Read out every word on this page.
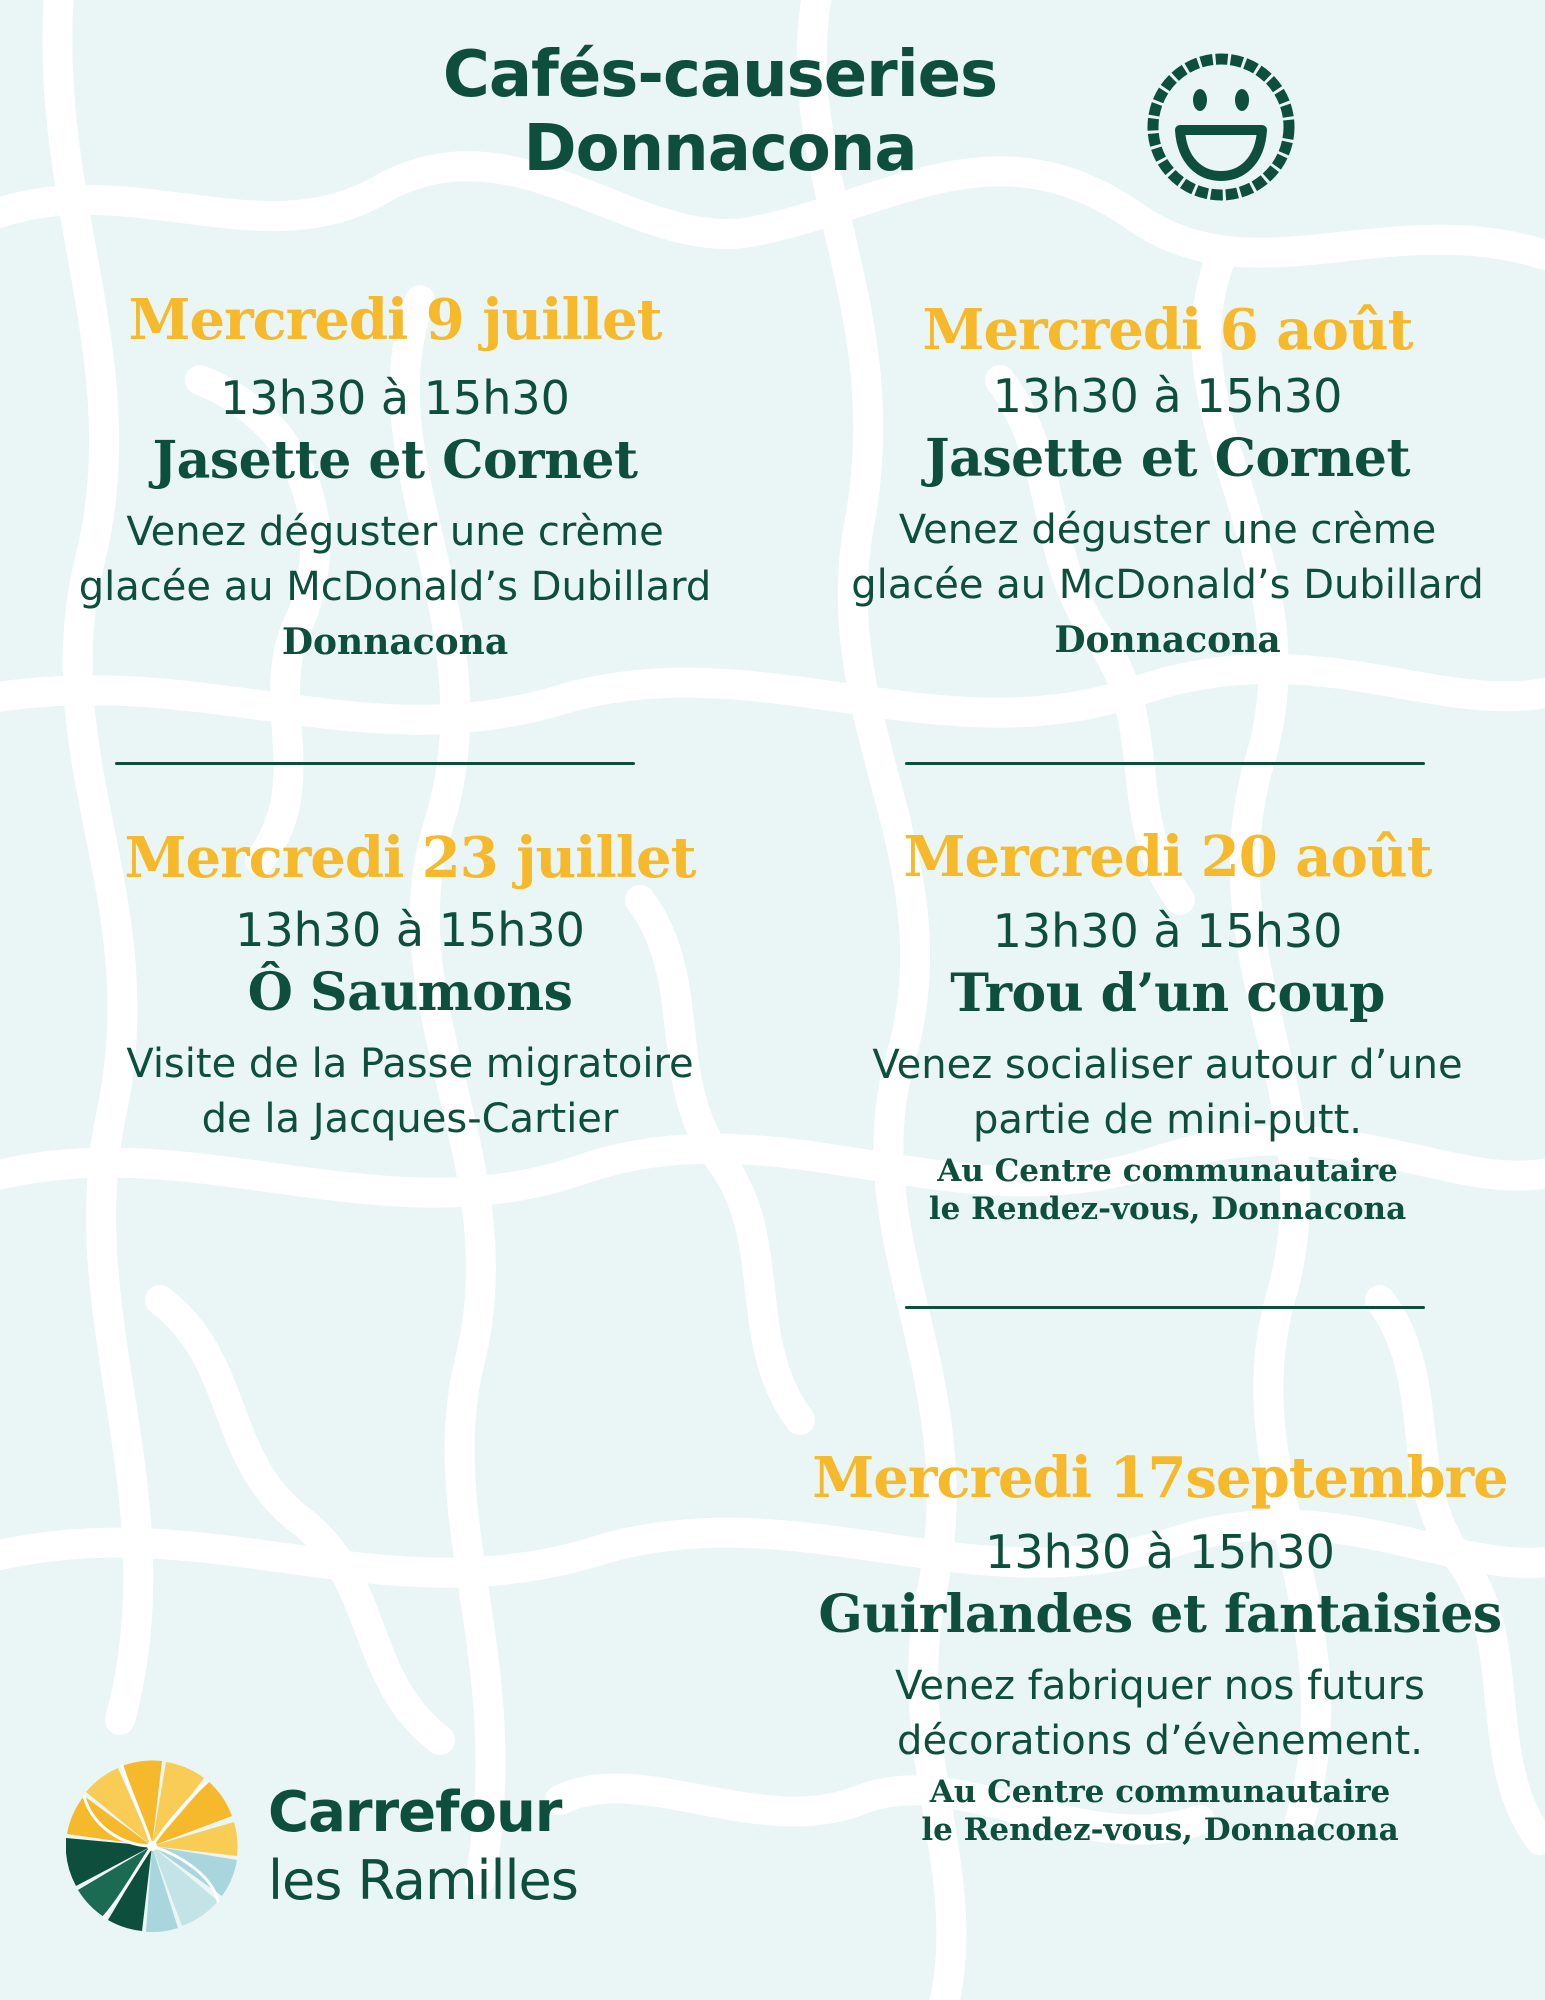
Cafés-causeries
Donnacona
Mercredi 9 juillet
13h30 à 15h30
Jasette et Cornet
Venez déguster une crème
glacée au McDonald’s Dubillard
Donnacona
Mercredi 6 août
13h30 à 15h30
Jasette et Cornet
Venez déguster une crème
glacée au McDonald’s Dubillard
Donnacona
Mercredi 23 juillet
13h30 à 15h30
Ô Saumons
Visite de la Passe migratoire
de la Jacques-Cartier
Mercredi 20 août
13h30 à 15h30
Trou d’un coup
Venez socialiser autour d’une
partie de mini-putt.
Au Centre communautaire
le Rendez-vous, Donnacona
Mercredi 17septembre
13h30 à 15h30
Guirlandes et fantaisies
Venez fabriquer nos futurs
décorations d’évènement.
Au Centre communautaire
le Rendez-vous, Donnacona
Carrefour
les Ramilles
